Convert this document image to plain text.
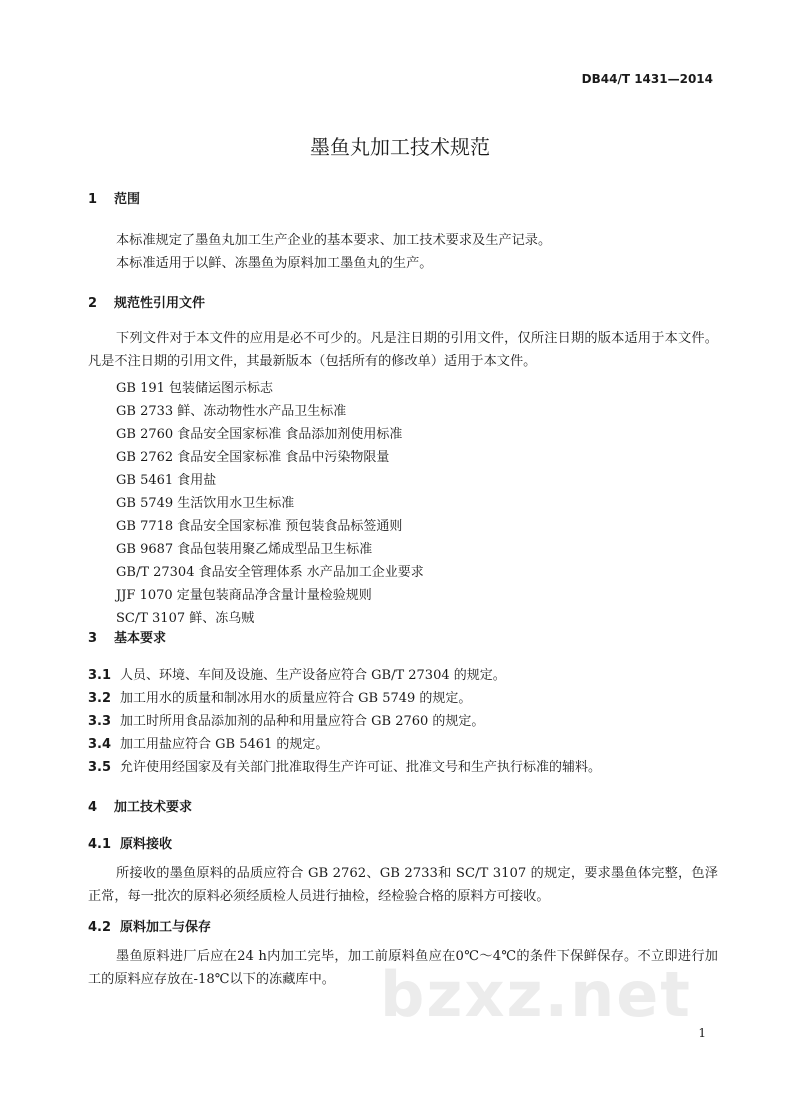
DB44/T 1431—2014
墨鱼丸加工技术规范
1 范围
本标准规定了墨鱼丸加工生产企业的基本要求、加工技术要求及生产记录。
本标准适用于以鲜、冻墨鱼为原料加工墨鱼丸的生产。
2 规范性引用文件
下列文件对于本文件的应用是必不可少的。凡是注日期的引用文件，仅所注日期的版本适用于本文件。凡是不注日期的引用文件，其最新版本（包括所有的修改单）适用于本文件。
GB 191 包装储运图示标志
GB 2733 鲜、冻动物性水产品卫生标准
GB 2760 食品安全国家标准 食品添加剂使用标准
GB 2762 食品安全国家标准 食品中污染物限量
GB 5461 食用盐
GB 5749 生活饮用水卫生标准
GB 7718 食品安全国家标准 预包装食品标签通则
GB 9687 食品包装用聚乙烯成型品卫生标准
GB/T 27304 食品安全管理体系 水产品加工企业要求
JJF 1070 定量包装商品净含量计量检验规则
SC/T 3107 鲜、冻乌贼
3 基本要求
3.1 人员、环境、车间及设施、生产设备应符合 GB/T 27304 的规定。
3.2 加工用水的质量和制冰用水的质量应符合 GB 5749 的规定。
3.3 加工时所用食品添加剂的品种和用量应符合 GB 2760 的规定。
3.4 加工用盐应符合 GB 5461 的规定。
3.5 允许使用经国家及有关部门批准取得生产许可证、批准文号和生产执行标准的辅料。
4 加工技术要求
4.1 原料接收
所接收的墨鱼原料的品质应符合 GB 2762、GB 2733和 SC/T 3107 的规定，要求墨鱼体完整，色泽正常，每一批次的原料必须经质检人员进行抽检，经检验合格的原料方可接收。
4.2 原料加工与保存
墨鱼原料进厂后应在24 h内加工完毕，加工前原料鱼应在0℃～4℃的条件下保鲜保存。不立即进行加工的原料应存放在-18℃以下的冻藏库中。 bzxz.net
1
